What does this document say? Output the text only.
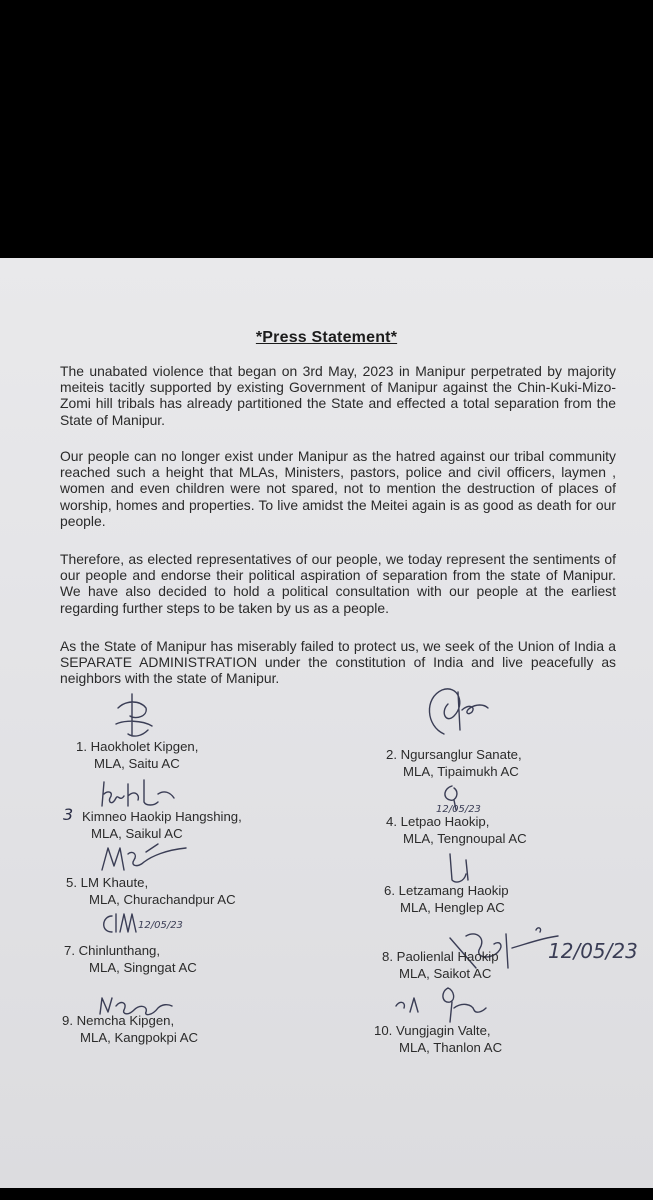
*Press Statement*

The unabated violence that began on 3rd May, 2023 in Manipur perpetrated by majority meiteis tacitly supported by existing Government of Manipur against the Chin-Kuki-Mizo-Zomi hill tribals has already partitioned the State and effected a total separation from the State of Manipur.

Our people can no longer exist under Manipur as the hatred against our tribal community reached such a height that MLAs, Ministers, pastors, police and civil officers, laymen , women and even children were not spared, not to mention the destruction of places of worship, homes and properties. To live amidst the Meitei again is as good as death for our people.

Therefore, as elected representatives of our people, we today represent the sentiments of our people and endorse their political aspiration of separation from the state of Manipur. We have also decided to hold a political consultation with our people at the earliest regarding further steps to be taken by us as a people.

As the State of Manipur has miserably failed to protect us, we seek of the Union of India a SEPARATE ADMINISTRATION under the constitution of India and live peacefully as neighbors with the state of Manipur.

1. Haokholet Kipgen,
MLA, Saitu AC
2. Ngursanglur Sanate,
MLA, Tipaimukh AC
3 Kimneo Haokip Hangshing,
MLA, Saikul AC
12/05/23
4. Letpao Haokip,
MLA, Tengnoupal AC
5. LM Khaute,
MLA, Churachandpur AC
6. Letzamang Haokip
MLA, Henglep AC
12/05/23
7. Chinlunthang,
MLA, Singngat AC
12/05/23
8. Paolienlal Haokip
MLA, Saikot AC
9. Nemcha Kipgen,
MLA, Kangpokpi AC	10. Vungjagin Valte,
MLA, Thanlon AC
